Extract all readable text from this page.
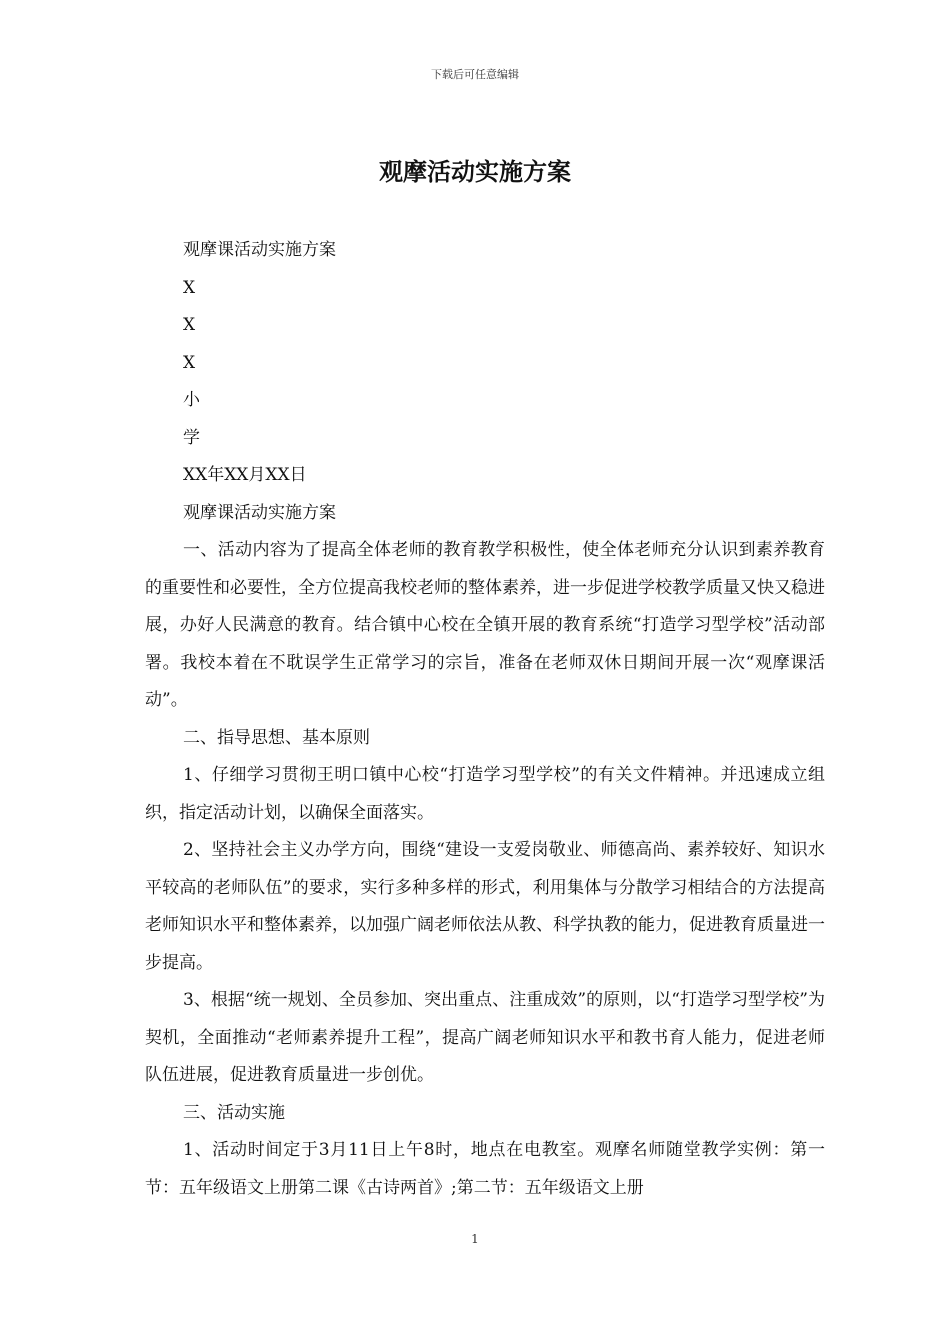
下载后可任意编辑
观摩活动实施方案

观摩课活动实施方案

X

X

X

小

学

XX年XX月XX日

观摩课活动实施方案

一、活动内容为了提高全体老师的教育教学积极性，使全体老师充分认识到素养教育的重要性和必要性，全方位提高我校老师的整体素养，进一步促进学校教学质量又快又稳进展，办好人民满意的教育。结合镇中心校在全镇开展的教育系统“打造学习型学校”活动部署。我校本着在不耽误学生正常学习的宗旨，准备在老师双休日期间开展一次“观摩课活动”。

二、指导思想、基本原则

1、仔细学习贯彻王明口镇中心校“打造学习型学校”的有关文件精神。并迅速成立组织，指定活动计划，以确保全面落实。

2、坚持社会主义办学方向，围绕“建设一支爱岗敬业、师德高尚、素养较好、知识水平较高的老师队伍”的要求，实行多种多样的形式，利用集体与分散学习相结合的方法提高老师知识水平和整体素养，以加强广阔老师依法从教、科学执教的能力，促进教育质量进一步提高。

3、根据“统一规划、全员参加、突出重点、注重成效”的原则，以“打造学习型学校”为契机，全面推动“老师素养提升工程”，提高广阔老师知识水平和教书育人能力，促进老师队伍进展，促进教育质量进一步创优。

三、活动实施

1、活动时间定于3月11日上午8时，地点在电教室。观摩名师随堂教学实例：第一节：五年级语文上册第二课《古诗两首》;第二节：五年级语文上册

1
